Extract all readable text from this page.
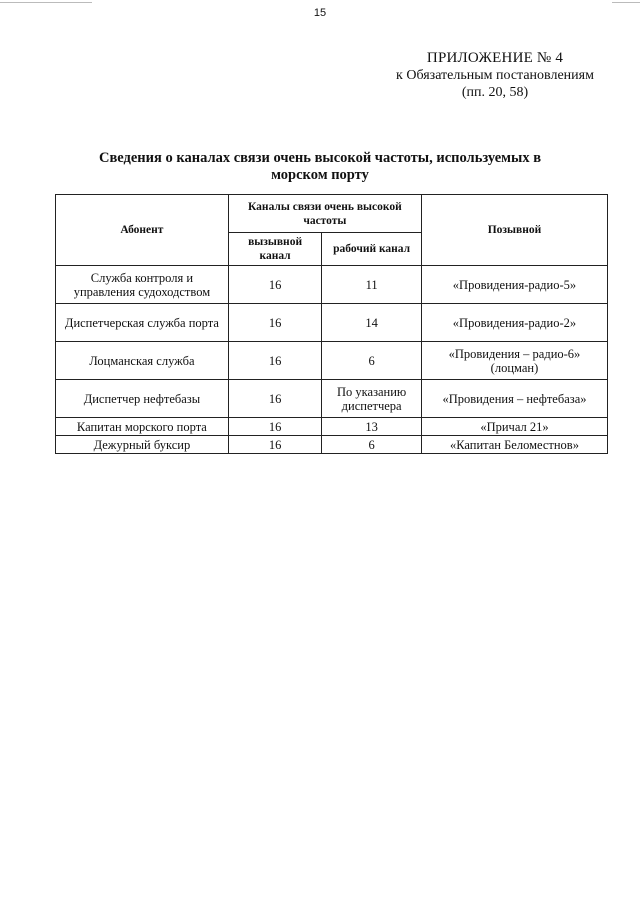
15
ПРИЛОЖЕНИЕ № 4
к Обязательным постановлениям
(пп. 20, 58)
Сведения о каналах связи очень высокой частоты, используемых в
морском порту
Абонент	Каналы связи очень высокой частоты		Позывной
	вызывной канал	рабочий канал	
Служба контроля и управления судоходством	16	11	«Провидения-радио-5»
Диспетчерская служба порта	16	14	«Провидения-радио-2»
Лоцманская служба	16	6	«Провидения – радио-6» (лоцман)
Диспетчер нефтебазы	16	По указанию диспетчера	«Провидения – нефтебаза»
Капитан морского порта	16	13	«Причал 21»
Дежурный буксир	16	6	«Капитан Беломестнов»
